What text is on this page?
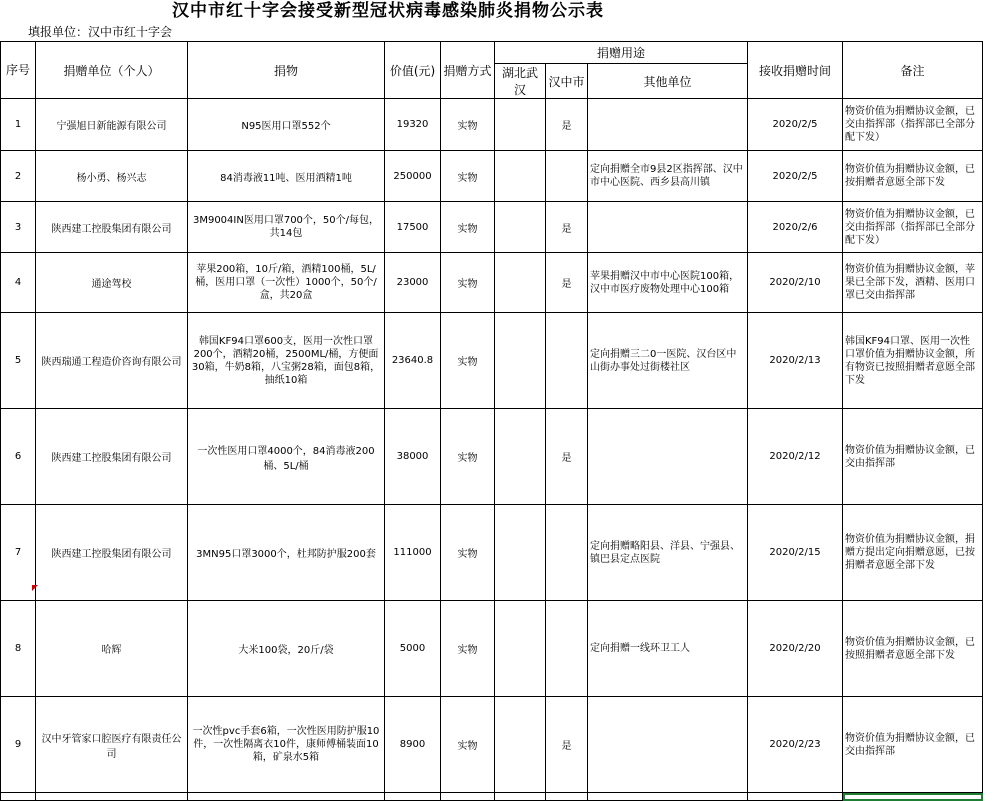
汉中市红十字会接受新型冠状病毒感染肺炎捐物公示表
填报单位：汉中市红十字会
序号	捐赠单位（个人）	捐物	价值(元)	捐赠方式	捐赠用途			接收捐赠时间	备注
					湖北武汉	汉中市	其他单位		
1	宁强旭日新能源有限公司	N95医用口罩552个	19320	实物		是		2020/2/5	物资价值为捐赠协议金额，已交由指挥部（指挥部已全部分配下发）
2	杨小勇、杨兴志	84消毒液11吨、医用酒精1吨	250000	实物			定向捐赠全市9县2区指挥部、汉中市中心医院、西乡县高川镇	2020/2/5	物资价值为捐赠协议金额，已按捐赠者意愿全部下发
3	陕西建工控股集团有限公司	3M9004IN医用口罩700个，50个/每包，共14包	17500	实物		是		2020/2/6	物资价值为捐赠协议金额，已交由指挥部（指挥部已全部分配下发）
4	通途驾校	苹果200箱，10斤/箱，酒精100桶，5L/桶，医用口罩（一次性）1000个，50个/盒，共20盒	23000	实物		是	苹果捐赠汉中市中心医院100箱，汉中市医疗废物处理中心100箱	2020/2/10	物资价值为捐赠协议金额，苹果已全部下发，酒精、医用口罩已交由指挥部
5	陕西瑞通工程造价咨询有限公司	韩国KF94口罩600支，医用一次性口罩200个，酒精20桶，2500ML/桶，方便面30箱，牛奶8箱，八宝粥28箱，面包8箱，抽纸10箱	23640.8	实物			定向捐赠三二0一医院、汉台区中山街办事处过街楼社区	2020/2/13	韩国KF94口罩、医用一次性口罩价值为捐赠协议金额，所有物资已按照捐赠者意愿全部下发
6	陕西建工控股集团有限公司	一次性医用口罩4000个，84消毒液200桶、5L/桶	38000	实物		是		2020/2/12	物资价值为捐赠协议金额，已交由指挥部
7	陕西建工控股集团有限公司	3MN95口罩3000个，杜邦防护服200套	111000	实物			定向捐赠略阳县、洋县、宁强县、镇巴县定点医院	2020/2/15	物资价值为捐赠协议金额，捐赠方提出定向捐赠意愿，已按捐赠者意愿全部下发
8	哈辉	大米100袋，20斤/袋	5000	实物			定向捐赠一线环卫工人	2020/2/20	物资价值为捐赠协议金额，已按照捐赠者意愿全部下发
9	汉中牙管家口腔医疗有限责任公司	一次性pvc手套6箱，一次性医用防护服10件，一次性隔离衣10件，康师傅桶装面10箱，矿泉水5箱	8900	实物		是		2020/2/23	物资价值为捐赠协议金额，已交由指挥部
